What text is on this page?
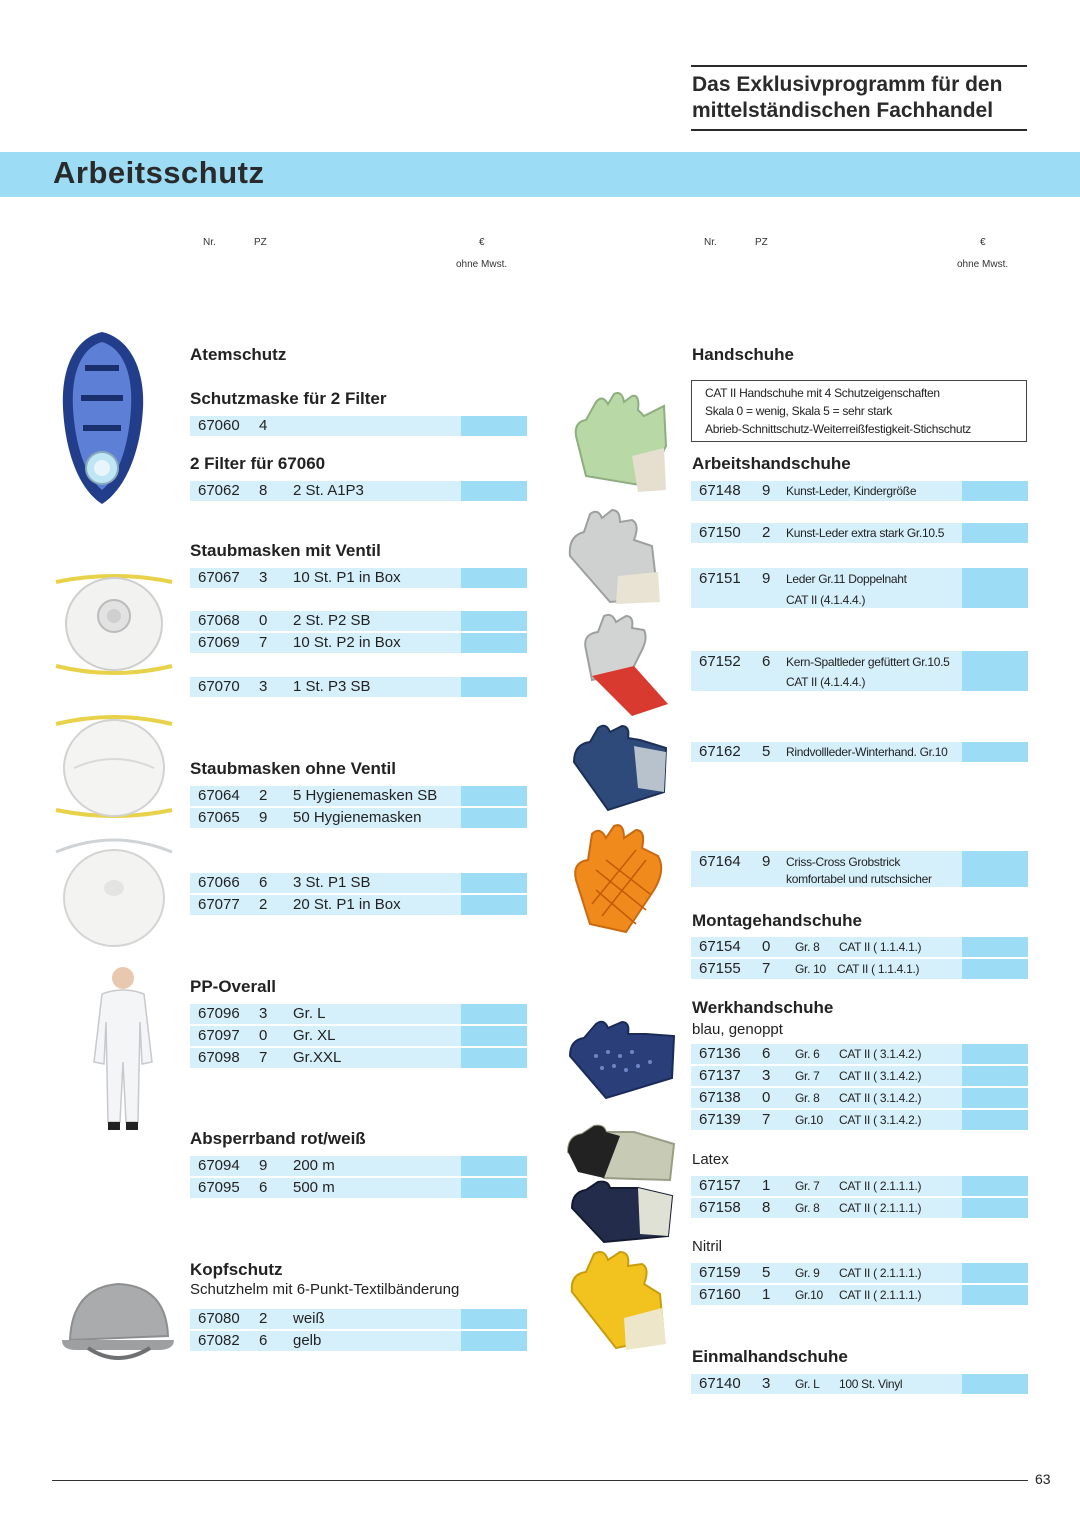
Das Exklusivprogramm für den
mittelständischen Fachhandel
Arbeitsschutz
Nr.	PZ	€
ohne Mwst.
Nr.	PZ	€
ohne Mwst.
Atemschutz
Schutzmaske für 2 Filter
67060 4
2 Filter für 67060
67062 8 2 St. A1P3
Staubmasken mit Ventil
67067 3 10 St. P1 in Box
67068 0 2 St. P2 SB
67069 7 10 St. P2 in Box
67070 3 1 St. P3 SB
Staubmasken ohne Ventil
67064 2 5 Hygienemasken SB
67065 9 50 Hygienemasken
67066 6 3 St. P1 SB
67077 2 20 St. P1 in Box
PP-Overall
67096 3 Gr. L
67097 0 Gr. XL
67098 7 Gr.XXL
Absperrband rot/weiß
67094 9 200 m
67095 6 500 m
Kopfschutz
Schutzhelm mit 6-Punkt-Textilbänderung
67080 2 weiß
67082 6 gelb
Handschuhe
CAT II Handschuhe mit 4 Schutzeigenschaften
Skala 0 = wenig, Skala 5 = sehr stark
Abrieb-Schnittschutz-Weiterreißfestigkeit-Stichschutz
Arbeitshandschuhe
67148 9 Kunst-Leder, Kindergröße
67150 2 Kunst-Leder extra stark Gr.10.5
67151 9 Leder Gr.11 Doppelnaht
CAT II (4.1.4.4.)
67152 6 Kern-Spaltleder gefüttert Gr.10.5
CAT II (4.1.4.4.)
67162 5 Rindvollleder-Winterhand. Gr.10
67164 9 Criss-Cross Grobstrick
komfortabel und rutschsicher
Montagehandschuhe
67154 0 Gr. 8 CAT II ( 1.1.4.1.)
67155 7 Gr. 10 CAT II ( 1.1.4.1.)
Werkhandschuhe
blau, genoppt
67136 6 Gr. 6 CAT II ( 3.1.4.2.)
67137 3 Gr. 7 CAT II ( 3.1.4.2.)
67138 0 Gr. 8 CAT II ( 3.1.4.2.)
67139 7 Gr.10 CAT II ( 3.1.4.2.)
Latex
67157 1 Gr. 7 CAT II ( 2.1.1.1.)
67158 8 Gr. 8 CAT II ( 2.1.1.1.)
Nitril
67159 5 Gr. 9 CAT II ( 2.1.1.1.)
67160 1 Gr.10 CAT II ( 2.1.1.1.)
Einmalhandschuhe
67140 3 Gr. L 100 St. Vinyl
63
